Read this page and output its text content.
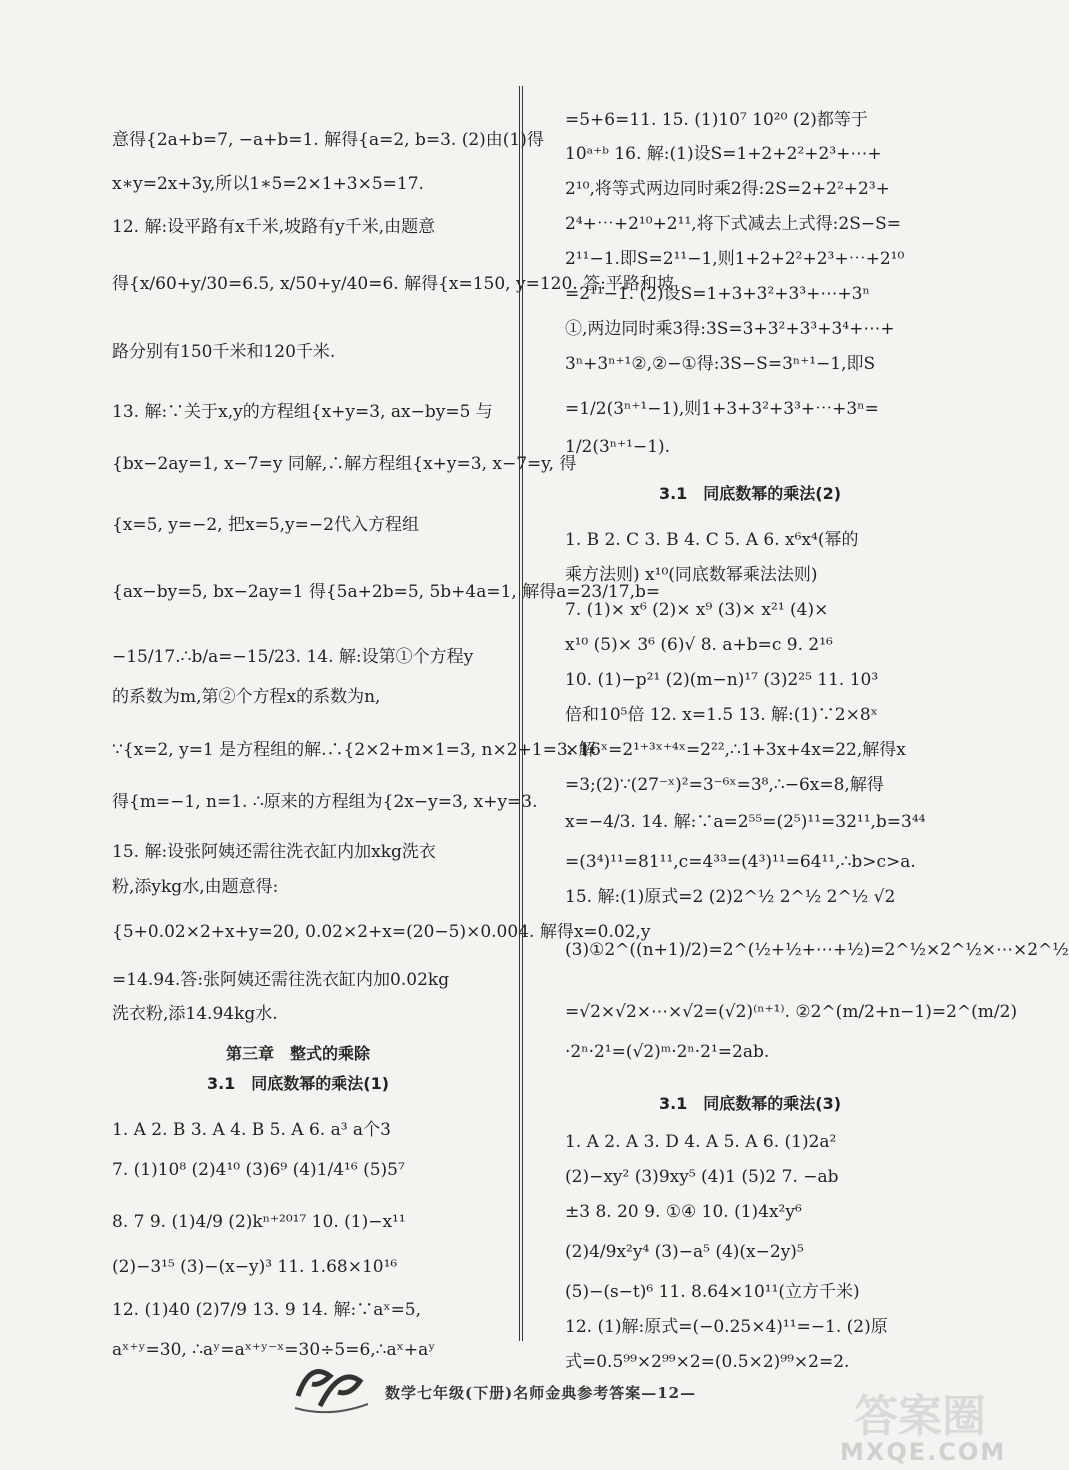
意得{2a+b=7, −a+b=1. 解得{a=2, b=3. (2)由(1)得
x∗y=2x+3y,所以1∗5=2×1+3×5=17.
12. 解:设平路有x千米,坡路有y千米,由题意
得{x/60+y/30=6.5, x/50+y/40=6. 解得{x=150, y=120. 答:平路和坡
路分别有150千米和120千米.
13. 解:∵关于x,y的方程组{x+y=3, ax−by=5 与
{bx−2ay=1, x−7=y 同解,∴解方程组{x+y=3, x−7=y, 得
{x=5, y=−2, 把x=5,y=−2代入方程组
{ax−by=5, bx−2ay=1 得{5a+2b=5, 5b+4a=1, 解得a=23/17,b=
−15/17.∴b/a=−15/23. 14. 解:设第①个方程y
的系数为m,第②个方程x的系数为n,
∵{x=2, y=1 是方程组的解.∴{2×2+m×1=3, n×2+1=3. 解
得{m=−1, n=1. ∴原来的方程组为{2x−y=3, x+y=3.
15. 解:设张阿姨还需往洗衣缸内加xkg洗衣
粉,添ykg水,由题意得:
{5+0.02×2+x+y=20, 0.02×2+x=(20−5)×0.004. 解得x=0.02,y
=14.94.答:张阿姨还需往洗衣缸内加0.02kg
洗衣粉,添14.94kg水.
第三章　整式的乘除
3.1　同底数幂的乘法(1)
1. A 2. B 3. A 4. B 5. A 6. a³ a个3
7. (1)10⁸ (2)4¹⁰ (3)6⁹ (4)1/4¹⁶ (5)5⁷
8. 7 9. (1)4/9 (2)kⁿ⁺²⁰¹⁷ 10. (1)−x¹¹
(2)−3¹⁵ (3)−(x−y)³ 11. 1.68×10¹⁶
12. (1)40 (2)7/9 13. 9 14. 解:∵aˣ=5,
aˣ⁺ʸ=30, ∴aʸ=aˣ⁺ʸ⁻ˣ=30÷5=6,∴aˣ+aʸ
=5+6=11. 15. (1)10⁷ 10²⁰ (2)都等于
10ᵃ⁺ᵇ 16. 解:(1)设S=1+2+2²+2³+⋯+
2¹⁰,将等式两边同时乘2得:2S=2+2²+2³+
2⁴+⋯+2¹⁰+2¹¹,将下式减去上式得:2S−S=
2¹¹−1.即S=2¹¹−1,则1+2+2²+2³+⋯+2¹⁰
=2¹¹−1. (2)设S=1+3+3²+3³+⋯+3ⁿ
①,两边同时乘3得:3S=3+3²+3³+3⁴+⋯+
3ⁿ+3ⁿ⁺¹②,②−①得:3S−S=3ⁿ⁺¹−1,即S
=1/2(3ⁿ⁺¹−1),则1+3+3²+3³+⋯+3ⁿ=
1/2(3ⁿ⁺¹−1).
3.1　同底数幂的乘法(2)
1. B 2. C 3. B 4. C 5. A 6. x⁶x⁴(幂的
乘方法则) x¹⁰(同底数幂乘法法则)
7. (1)× x⁶ (2)× x⁹ (3)× x²¹ (4)×
x¹⁰ (5)× 3⁶ (6)√ 8. a+b=c 9. 2¹⁶
10. (1)−p²¹ (2)(m−n)¹⁷ (3)2²⁵ 11. 10³
倍和10⁵倍 12. x=1.5 13. 解:(1)∵2×8ˣ
×16ˣ=2¹⁺³ˣ⁺⁴ˣ=2²²,∴1+3x+4x=22,解得x
=3;(2)∵(27⁻ˣ)²=3⁻⁶ˣ=3⁸,∴−6x=8,解得
x=−4/3. 14. 解:∵a=2⁵⁵=(2⁵)¹¹=32¹¹,b=3⁴⁴
=(3⁴)¹¹=81¹¹,c=4³³=(4³)¹¹=64¹¹,∴b>c>a.
15. 解:(1)原式=2 (2)2^½ 2^½ 2^½ √2
(3)①2^((n+1)/2)=2^(½+½+⋯+½)=2^½×2^½×⋯×2^½
=√2×√2×⋯×√2=(√2)⁽ⁿ⁺¹⁾. ②2^(m/2+n−1)=2^(m/2)
·2ⁿ·2¹=(√2)ᵐ·2ⁿ·2¹=2ab.
3.1　同底数幂的乘法(3)
1. A 2. A 3. D 4. A 5. A 6. (1)2a²
(2)−xy² (3)9xy⁵ (4)1 (5)2 7. −ab
±3 8. 20 9. ①④ 10. (1)4x²y⁶
(2)4/9x²y⁴ (3)−a⁵ (4)(x−2y)⁵
(5)−(s−t)⁶ 11. 8.64×10¹¹(立方千米)
12. (1)解:原式=(−0.25×4)¹¹=−1. (2)原
式=0.5⁹⁹×2⁹⁹×2=(0.5×2)⁹⁹×2=2.
数学七年级(下册)名师金典参考答案—12—	答案圈
MXQE.COM
